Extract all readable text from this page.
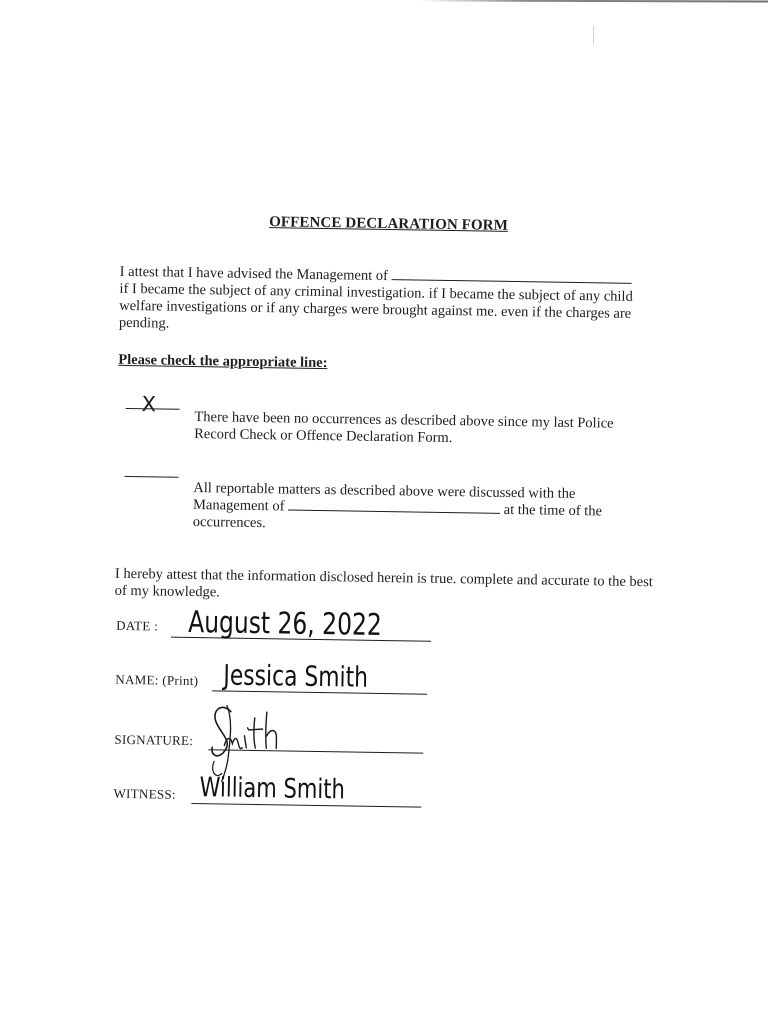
OFFENCE DECLARATION FORM
I attest that I have advised the Management of
if I became the subject of any criminal investigation. if I became the subject of any child welfare investigations or if any charges were brought against me. even if the charges are pending.
Please check the appropriate line:
X
There have been no occurrences as described above since my last Police Record Check or Offence Declaration Form.
All reportable matters as described above were discussed with the
Management of	at the time of the
occurrences.
I hereby attest that the information disclosed herein is true. complete and accurate to the best of my knowledge.
DATE : August 26, 2022
NAME: (Print) Jessica Smith
SIGNATURE:
WITNESS: William Smith
